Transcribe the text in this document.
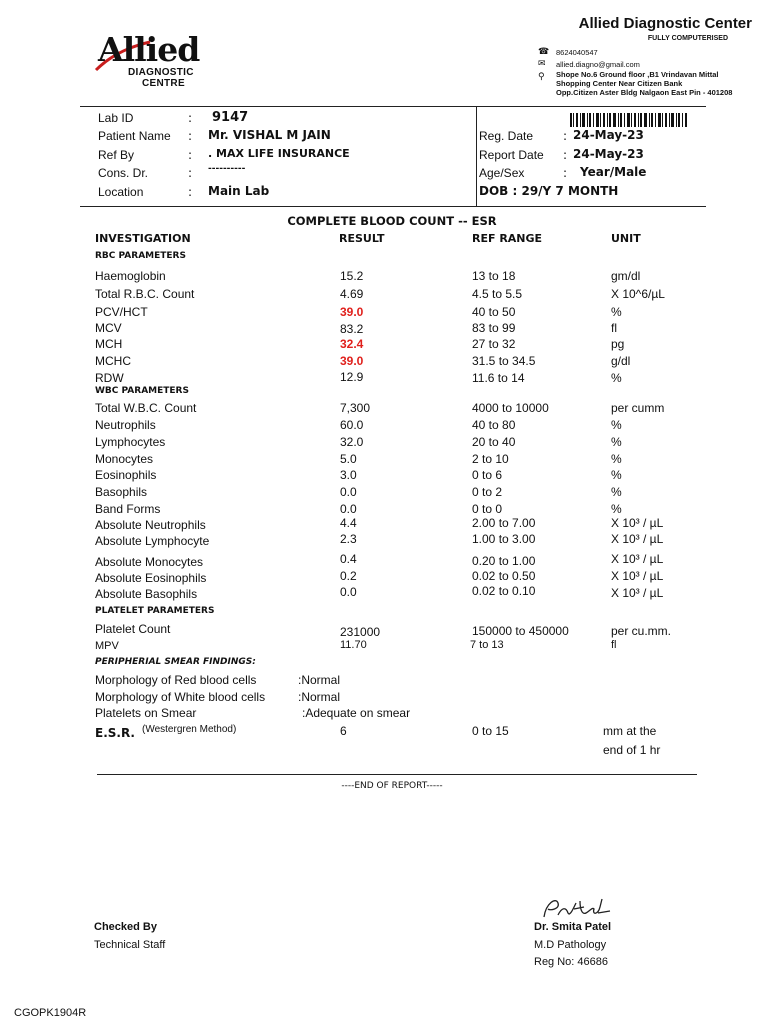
Allied
DIAGNOSTIC
CENTRE
Allied Diagnostic Center
FULLY COMPUTERISED
☎ 8624040547
✉ allied.diagno@gmail.com
⚲ Shope No.6 Ground floor ,B1 Vrindavan Mittal
Shopping Center Near Citizen Bank
Opp.Citizen Aster Bldg Nalgaon East Pin - 401208
Lab ID	: 9147
Patient Name : Mr. VISHAL M JAIN
Ref By	: . MAX LIFE INSURANCE
Cons. Dr.	: ----------
Location	: Main Lab
Reg. Date : 24-May-23
Report Date : 24-May-23
Age/Sex	: Year/Male
DOB : 29/Y 7 MONTH
COMPLETE BLOOD COUNT -- ESR
INVESTIGATION	RESULT	REF RANGE	UNIT
RBC PARAMETERS
Haemoglobin	15.2	13 to 18	gm/dl
Total R.B.C. Count	4.69	4.5 to 5.5	X 10^6/µL
PCV/HCT	39.0	40 to 50	%
MCV	83.2	83 to 99	fl
MCH	32.4	27 to 32	pg
MCHC	39.0	31.5 to 34.5	g/dl
RDW	12.9	11.6 to 14	%
WBC PARAMETERS
Total W.B.C. Count	7,300	4000 to 10000	per cumm
Neutrophils	60.0	40 to 80	%
Lymphocytes	32.0	20 to 40	%
Monocytes	5.0	2 to 10	%
Eosinophils	3.0	0 to 6	%
Basophils	0.0	0 to 2	%
Band Forms	0.0	0 to 0	%
Absolute Neutrophils	4.4	2.00 to 7.00	X 10³ / µL
Absolute Lymphocyte	2.3	1.00 to 3.00	X 10³ / µL
Absolute Monocytes	0.4	0.20 to 1.00	X 10³ / µL
Absolute Eosinophils	0.2	0.02 to 0.50	X 10³ / µL
Absolute Basophils	0.0	0.02 to 0.10	X 10³ / µL
PLATELET PARAMETERS
Platelet Count	231000	150000 to 450000	per cu.mm.
MPV	11.70	7 to 13	fl
PERIPHERIAL SMEAR FINDINGS:
Morphology of Red blood cells	:Normal
Morphology of White blood cells	:Normal
Platelets on Smear	:Adequate on smear
E.S.R. (Westergren Method)	6	0 to 15	mm at the
end of 1 hr
----END OF REPORT-----
Checked By
Technical Staff
Dr. Smita Patel
M.D Pathology
Reg No: 46686
CGOPK1904R
